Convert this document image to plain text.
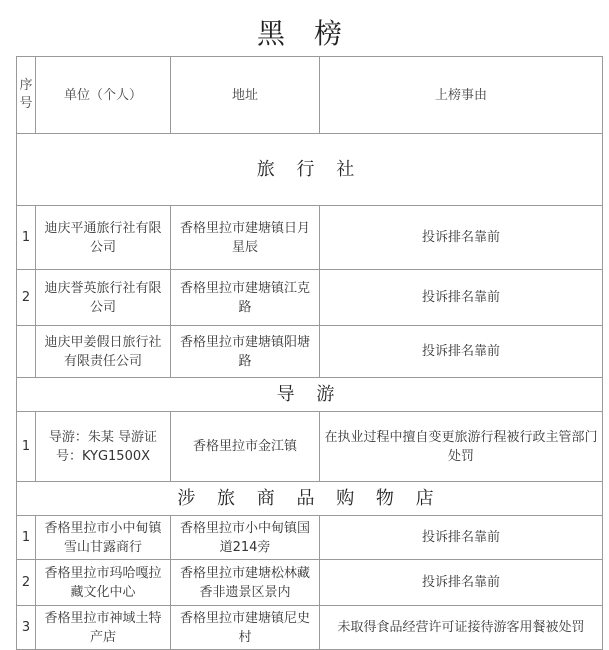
黑 榜
序号	单位（个人）	地址	上榜事由
旅 行 社			
1	迪庆平通旅行社有限公司	香格里拉市建塘镇日月星辰	投诉排名靠前
2	迪庆誉英旅行社有限公司	香格里拉市建塘镇江克路	投诉排名靠前
	迪庆甲姜假日旅行社有限责任公司	香格里拉市建塘镇阳塘路	投诉排名靠前
导 游			
1	导游：朱某 导游证号：KYG1500X	香格里拉市金江镇	在执业过程中擅自变更旅游行程被行政主管部门处罚
涉 旅 商 品 购 物 店			
1	香格里拉市小中甸镇雪山甘露商行	香格里拉市小中甸镇国道214旁	投诉排名靠前
2	香格里拉市玛哈嘎拉藏文化中心	香格里拉市建塘松林藏香非遗景区景内	投诉排名靠前
3	香格里拉市神域土特产店	香格里拉市建塘镇尼史村	未取得食品经营许可证接待游客用餐被处罚
